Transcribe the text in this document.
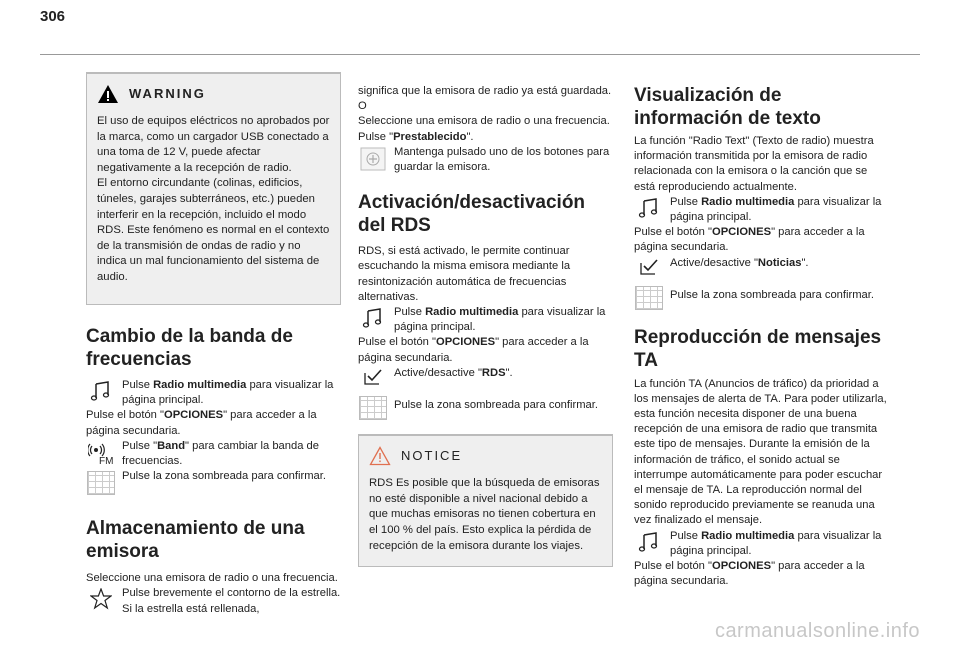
306
WARNING

El uso de equipos eléctricos no aprobados por la marca, como un cargador USB conectado a una toma de 12 V, puede afectar negativamente a la recepción de radio.
El entorno circundante (colinas, edificios, túneles, garajes subterráneos, etc.) pueden interferir en la recepción, incluido el modo RDS. Este fenómeno es normal en el contexto de la transmisión de ondas de radio y no indica un mal funcionamiento del sistema de audio.

Cambio de la banda de frecuencias
Pulse Radio multimedia para visualizar la página principal.

Pulse el botón "OPCIONES" para acceder a la página secundaria.

FM
Pulse "Band" para cambiar la banda de frecuencias.
Pulse la zona sombreada para confirmar.
Almacenamiento de una emisora

Seleccione una emisora de radio o una frecuencia.

Pulse brevemente el contorno de la estrella. Si la estrella está rellenada,

significa que la emisora de radio ya está guardada.

O

Seleccione una emisora de radio o una frecuencia.

Pulse "Prestablecido".

Mantenga pulsado uno de los botones para guardar la emisora.
Activación/desactivación del RDS

RDS, si está activado, le permite continuar escuchando la misma emisora mediante la resintonización automática de frecuencias alternativas.

Pulse Radio multimedia para visualizar la página principal.

Pulse el botón "OPCIONES" para acceder a la página secundaria.

Active/desactive "RDS".
Pulse la zona sombreada para confirmar.
NOTICE

RDS Es posible que la búsqueda de emisoras no esté disponible a nivel nacional debido a que muchas emisoras no tienen cobertura en el 100 % del país. Esto explica la pérdida de recepción de la emisora durante los viajes.

Visualización de información de texto

La función "Radio Text" (Texto de radio) muestra información transmitida por la emisora de radio relacionada con la emisora o la canción que se está reproduciendo actualmente.

Pulse Radio multimedia para visualizar la página principal.

Pulse el botón "OPCIONES" para acceder a la página secundaria.

Active/desactive "Noticias".
Pulse la zona sombreada para confirmar.
Reproducción de mensajes TA

La función TA (Anuncios de tráfico) da prioridad a los mensajes de alerta de TA. Para poder utilizarla, esta función necesita disponer de una buena recepción de una emisora de radio que transmita este tipo de mensajes. Durante la emisión de la información de tráfico, el sonido actual se interrumpe automáticamente para poder escuchar el mensaje de TA. La reproducción normal del sonido reproducido previamente se reanuda una vez finalizado el mensaje.

Pulse Radio multimedia para visualizar la página principal.

Pulse el botón "OPCIONES" para acceder a la página secundaria.

carmanualsonline.info
